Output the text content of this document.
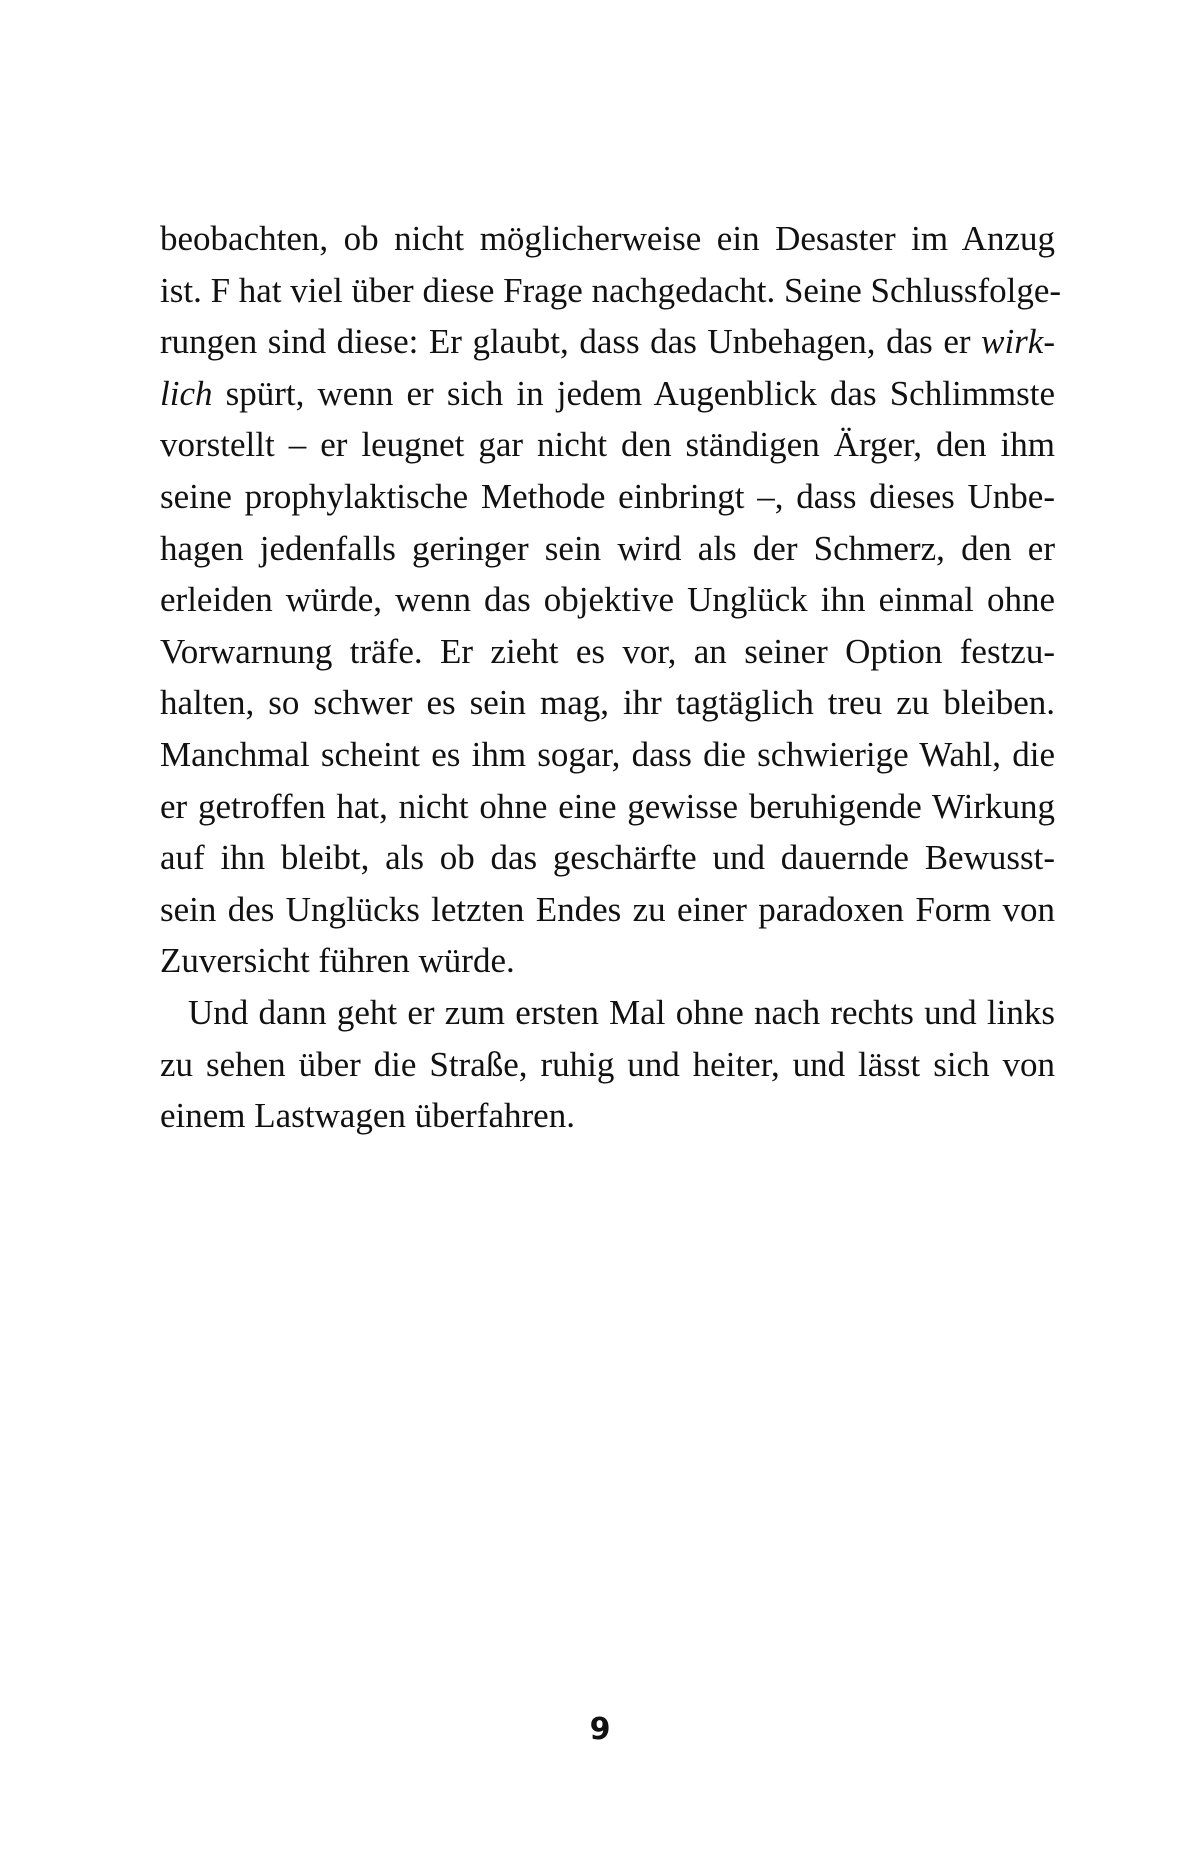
beobachten, ob nicht möglicherweise ein Desaster im Anzug
ist. F hat viel über diese Frage nachgedacht. Seine Schlussfolge-
rungen sind diese: Er glaubt, dass das Unbehagen, das er wirk-
lich spürt, wenn er sich in jedem Augenblick das Schlimmste
vorstellt – er leugnet gar nicht den ständigen Ärger, den ihm
seine prophylaktische Methode einbringt –, dass dieses Unbe-
hagen jedenfalls geringer sein wird als der Schmerz, den er
erleiden würde, wenn das objektive Unglück ihn einmal ohne
Vorwarnung träfe. Er zieht es vor, an seiner Option festzu-
halten, so schwer es sein mag, ihr tagtäglich treu zu bleiben.
Manchmal scheint es ihm sogar, dass die schwierige Wahl, die
er getroffen hat, nicht ohne eine gewisse beruhigende Wirkung
auf ihn bleibt, als ob das geschärfte und dauernde Bewusst-
sein des Unglücks letzten Endes zu einer paradoxen Form von
Zuversicht führen würde.
Und dann geht er zum ersten Mal ohne nach rechts und links
zu sehen über die Straße, ruhig und heiter, und lässt sich von
einem Lastwagen überfahren.
9
